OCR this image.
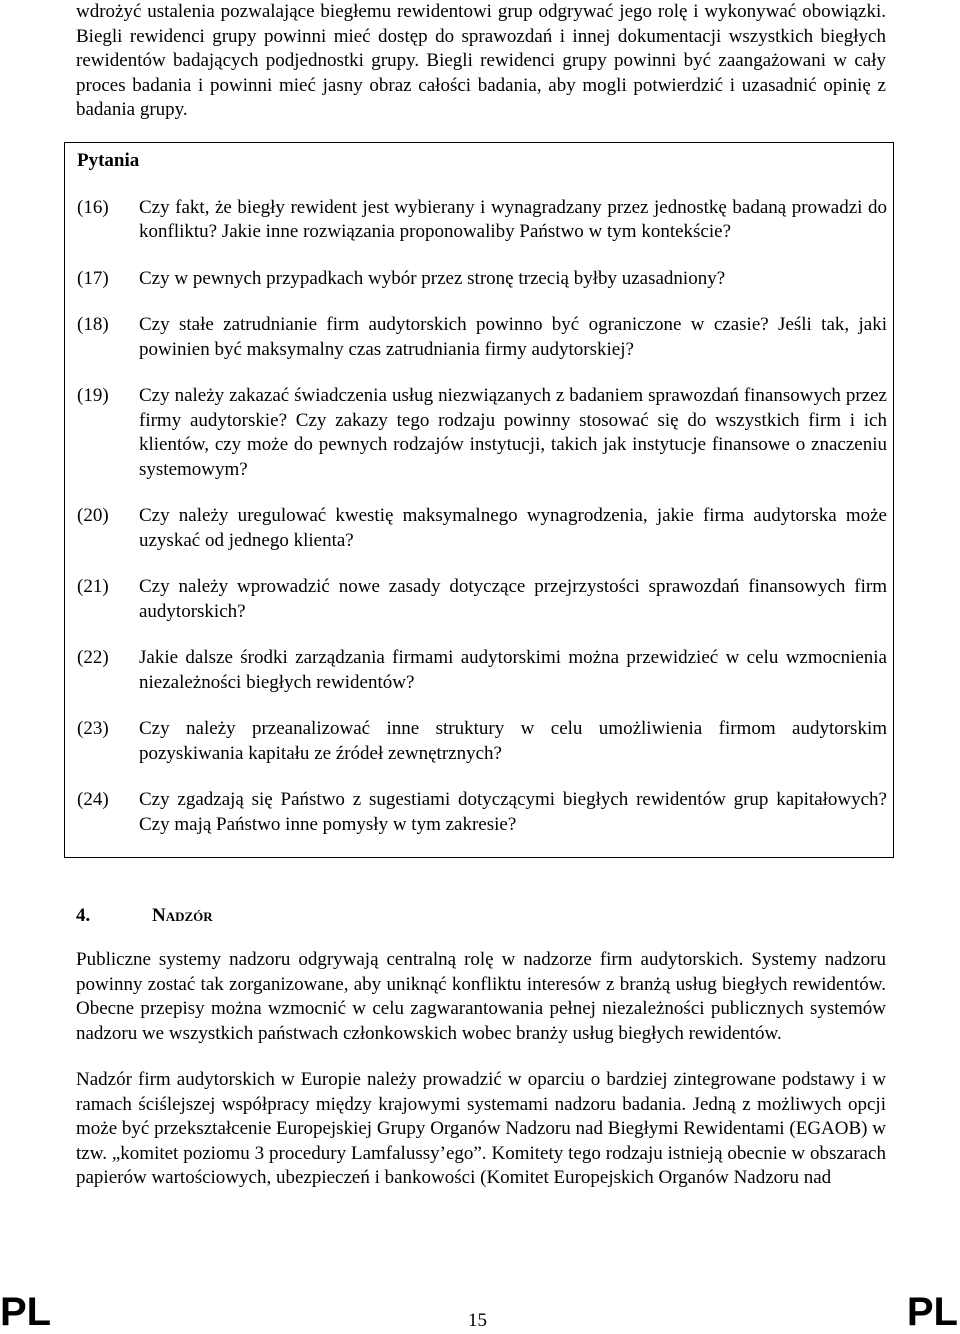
wdrożyć ustalenia pozwalające biegłemu rewidentowi grup odgrywać jego rolę i wykonywać obowiązki. Biegli rewidenci grupy powinni mieć dostęp do sprawozdań i innej dokumentacji wszystkich biegłych rewidentów badających podjednostki grupy. Biegli rewidenci grupy powinni być zaangażowani w cały proces badania i powinni mieć jasny obraz całości badania, aby mogli potwierdzić i uzasadnić opinię z badania grupy.

Pytania

(16)	Czy fakt, że biegły rewident jest wybierany i wynagradzany przez jednostkę badaną prowadzi do konfliktu? Jakie inne rozwiązania proponowaliby Państwo w tym kontekście?
(17)	Czy w pewnych przypadkach wybór przez stronę trzecią byłby uzasadniony?
(18)	Czy stałe zatrudnianie firm audytorskich powinno być ograniczone w czasie? Jeśli tak, jaki powinien być maksymalny czas zatrudniania firmy audytorskiej?
(19)	Czy należy zakazać świadczenia usług niezwiązanych z badaniem sprawozdań finansowych przez firmy audytorskie? Czy zakazy tego rodzaju powinny stosować się do wszystkich firm i ich klientów, czy może do pewnych rodzajów instytucji, takich jak instytucje finansowe o znaczeniu systemowym?
(20)	Czy należy uregulować kwestię maksymalnego wynagrodzenia, jakie firma audytorska może uzyskać od jednego klienta?
(21)	Czy należy wprowadzić nowe zasady dotyczące przejrzystości sprawozdań finansowych firm audytorskich?
(22)	Jakie dalsze środki zarządzania firmami audytorskimi można przewidzieć w celu wzmocnienia niezależności biegłych rewidentów?
(23)	Czy należy przeanalizować inne struktury w celu umożliwienia firmom audytorskim pozyskiwania kapitału ze źródeł zewnętrznych?
(24)	Czy zgadzają się Państwo z sugestiami dotyczącymi biegłych rewidentów grup kapitałowych? Czy mają Państwo inne pomysły w tym zakresie?
4.	Nadzór

Publiczne systemy nadzoru odgrywają centralną rolę w nadzorze firm audytorskich. Systemy nadzoru powinny zostać tak zorganizowane, aby uniknąć konfliktu interesów z branżą usług biegłych rewidentów. Obecne przepisy można wzmocnić w celu zagwarantowania pełnej niezależności publicznych systemów nadzoru we wszystkich państwach członkowskich wobec branży usług biegłych rewidentów.

Nadzór firm audytorskich w Europie należy prowadzić w oparciu o bardziej zintegrowane podstawy i w ramach ściślejszej współpracy między krajowymi systemami nadzoru badania. Jedną z możliwych opcji może być przekształcenie Europejskiej Grupy Organów Nadzoru nad Biegłymi Rewidentami (EGAOB) w tzw. „komitet poziomu 3 procedury Lamfalussy’ego”. Komitety tego rodzaju istnieją obecnie w obszarach papierów wartościowych, ubezpieczeń i bankowości (Komitet Europejskich Organów Nadzoru nad

PL	15	PL
